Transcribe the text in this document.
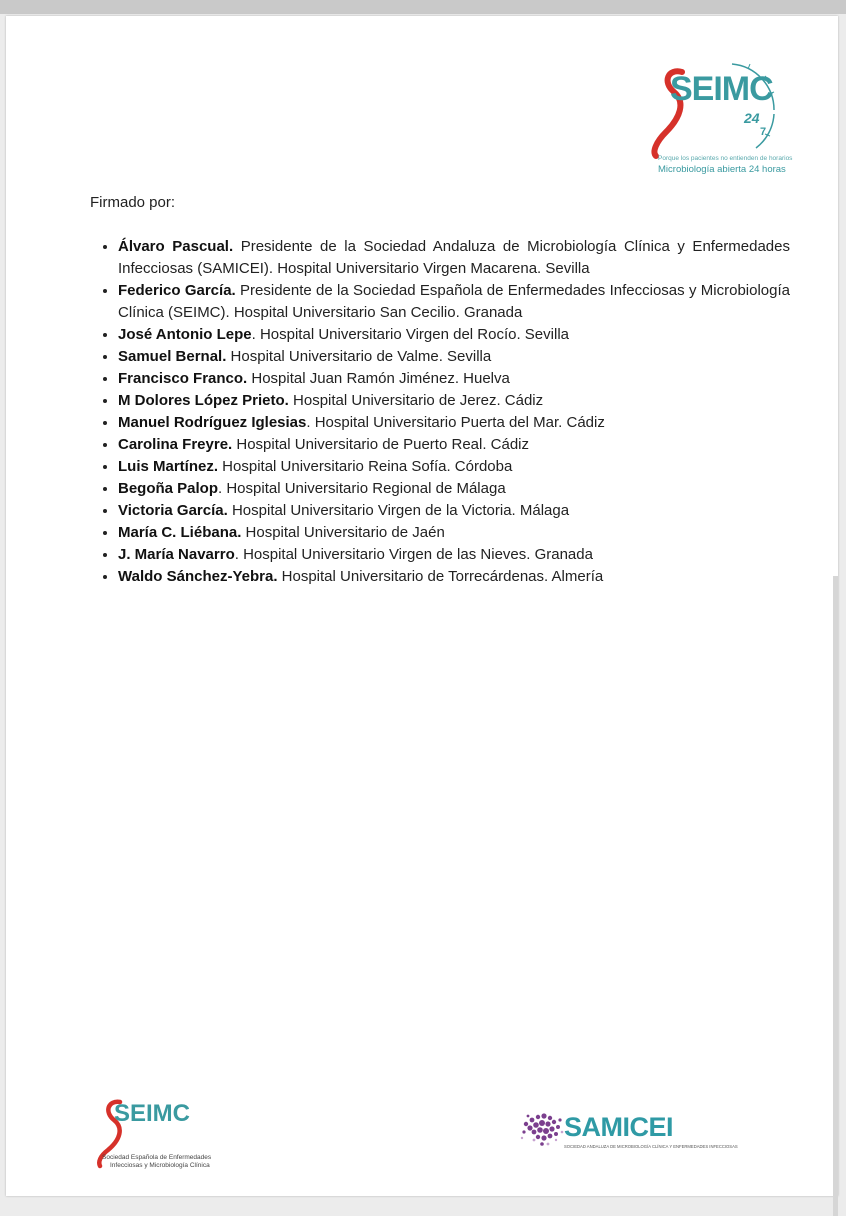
SEIMC
24
7
Porque los pacientes no entienden de horarios
Microbiología abierta 24 horas
Firmado por:
• Álvaro Pascual. Presidente de la Sociedad Andaluza de Microbiología Clínica y Enfermedades Infecciosas (SAMICEI). Hospital Universitario Virgen Macarena. Sevilla
• Federico García. Presidente de la Sociedad Española de Enfermedades Infecciosas y Microbiología Clínica (SEIMC). Hospital Universitario San Cecilio. Granada
• José Antonio Lepe. Hospital Universitario Virgen del Rocío. Sevilla
• Samuel Bernal. Hospital Universitario de Valme. Sevilla
• Francisco Franco. Hospital Juan Ramón Jiménez. Huelva
• M Dolores López Prieto. Hospital Universitario de Jerez. Cádiz
• Manuel Rodríguez Iglesias. Hospital Universitario Puerta del Mar. Cádiz
• Carolina Freyre. Hospital Universitario de Puerto Real. Cádiz
• Luis Martínez. Hospital Universitario Reina Sofía. Córdoba
• Begoña Palop. Hospital Universitario Regional de Málaga
• Victoria García. Hospital Universitario Virgen de la Victoria. Málaga
• María C. Liébana. Hospital Universitario de Jaén
• J. María Navarro. Hospital Universitario Virgen de las Nieves. Granada
• Waldo Sánchez-Yebra. Hospital Universitario de Torrecárdenas. Almería
SEIMC
Sociedad Española de Enfermedades
Infecciosas y Microbiología Clínica
SAMICEI
SOCIEDAD ANDALUZA DE MICROBIOLOGÍA CLÍNICA Y ENFERMEDADES INFECCIOSAS
